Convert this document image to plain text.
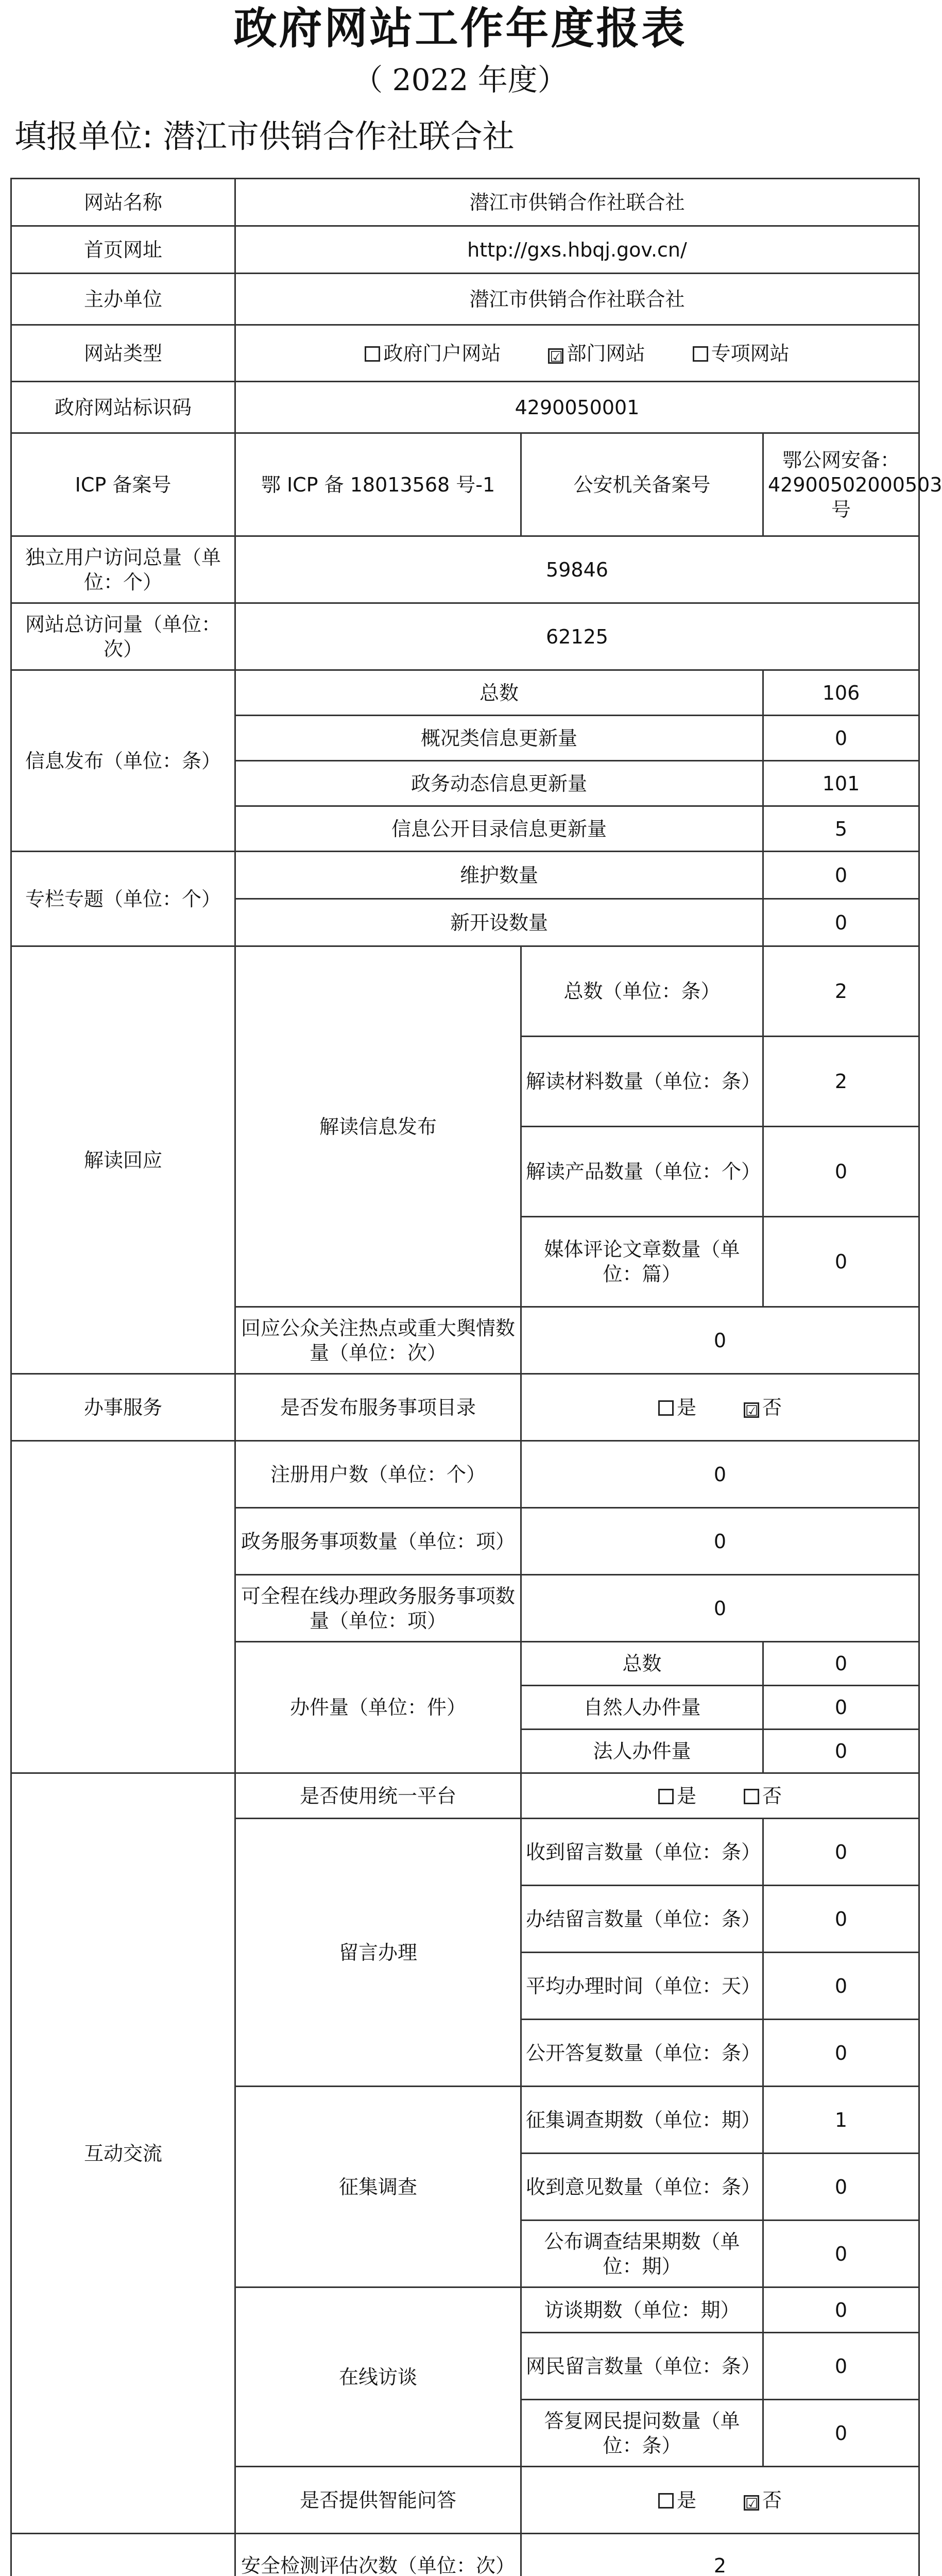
政府网站工作年度报表
（ 2022 年度）
填报单位: 潜江市供销合作社联合社
网站名称	潜江市供销合作社联合社		
首页网址	http://gxs.hbqj.gov.cn/		
主办单位	潜江市供销合作社联合社		
网站类型	政府门户网站 ☑ 部门网站 专项网站		
政府网站标识码	4290050001		
ICP 备案号	鄂 ICP 备 18013568 号-1	公安机关备案号	鄂公网安备：42900502000503 号
独立用户访问总量（单位：个）	59846		
网站总访问量（单位：次）	62125		
信息发布（单位：条）	总数		106
	概况类信息更新量		0
	政务动态信息更新量		101
	信息公开目录信息更新量		5
专栏专题（单位：个）	维护数量		0
	新开设数量		0
解读回应	解读信息发布	总数（单位：条）	2
		解读材料数量（单位：条）	2
		解读产品数量（单位：个）	0
		媒体评论文章数量（单位：篇）	0
	回应公众关注热点或重大舆情数量（单位：次）	0	
办事服务	是否发布服务事项目录	是 ☑ 否	
	注册用户数（单位：个）	0	
	政务服务事项数量（单位：项）	0	
	可全程在线办理政务服务事项数量（单位：项）	0	
	办件量（单位：件）	总数	0
		自然人办件量	0
		法人办件量	0
互动交流	是否使用统一平台	是 否	
	留言办理	收到留言数量（单位：条）	0
		办结留言数量（单位：条）	0
		平均办理时间（单位：天）	0
		公开答复数量（单位：条）	0
	征集调查	征集调查期数（单位：期）	1
		收到意见数量（单位：条）	0
		公布调查结果期数（单位：期）	0
	在线访谈	访谈期数（单位：期）	0
		网民留言数量（单位：条）	0
		答复网民提问数量（单位：条）	0
	是否提供智能问答	是 ☑ 否	
	安全检测评估次数（单位：次）	2	
